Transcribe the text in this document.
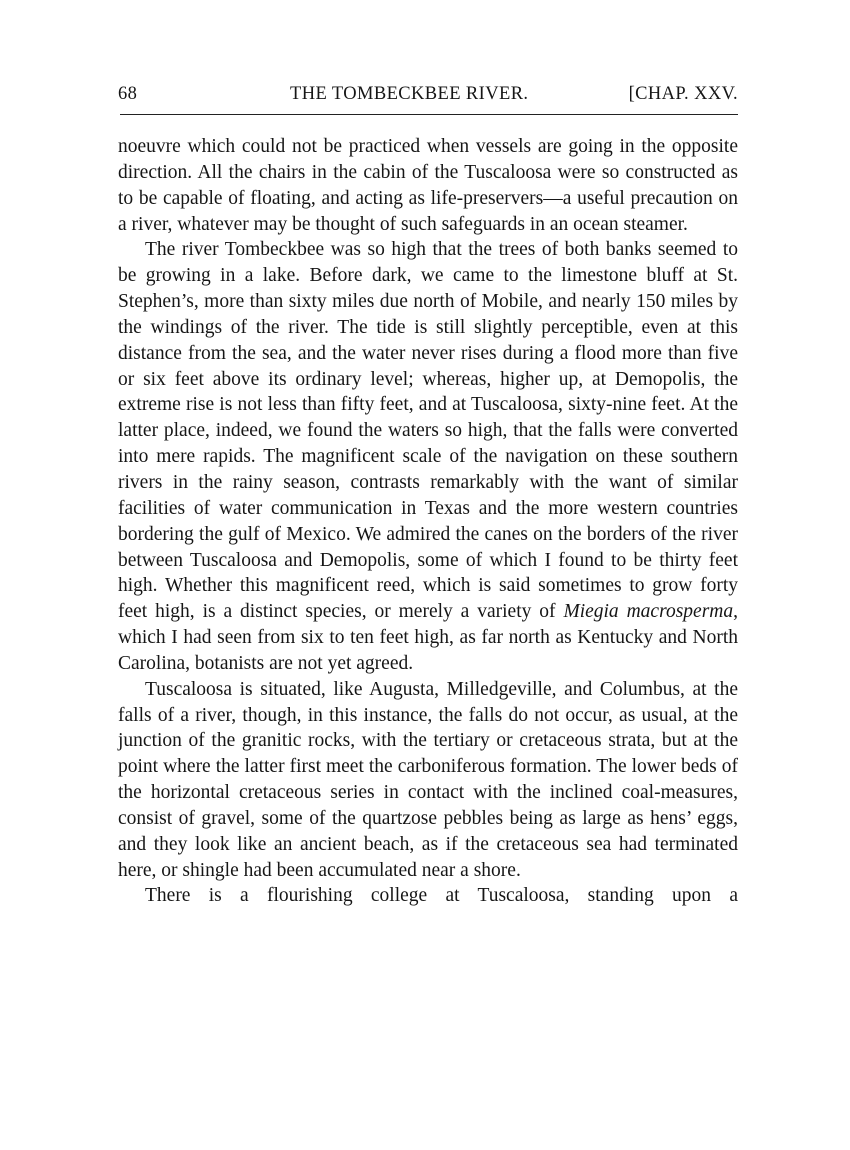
68	THE TOMBECKBEE RIVER.	[CHAP. XXV.

noeuvre which could not be practiced when vessels are going in the opposite direction. All the chairs in the cabin of the Tuscaloosa were so constructed as to be capable of floating, and acting as life-preservers—a useful precaution on a river, whatever may be thought of such safeguards in an ocean steamer.

The river Tombeckbee was so high that the trees of both banks seemed to be growing in a lake. Before dark, we came to the limestone bluff at St. Stephen’s, more than sixty miles due north of Mobile, and nearly 150 miles by the windings of the river. The tide is still slightly perceptible, even at this distance from the sea, and the water never rises during a flood more than five or six feet above its ordinary level; whereas, higher up, at Demopolis, the extreme rise is not less than fifty feet, and at Tuscaloosa, sixty-nine feet. At the latter place, indeed, we found the waters so high, that the falls were converted into mere rapids. The magnificent scale of the navigation on these southern rivers in the rainy season, contrasts remarkably with the want of similar facilities of water communication in Texas and the more western countries bordering the gulf of Mexico. We admired the canes on the borders of the river between Tuscaloosa and Demopolis, some of which I found to be thirty feet high. Whether this magnificent reed, which is said sometimes to grow forty feet high, is a distinct species, or merely a variety of Miegia macrosperma, which I had seen from six to ten feet high, as far north as Kentucky and North Carolina, botanists are not yet agreed.

Tuscaloosa is situated, like Augusta, Milledgeville, and Columbus, at the falls of a river, though, in this instance, the falls do not occur, as usual, at the junction of the granitic rocks, with the tertiary or cretaceous strata, but at the point where the latter first meet the carboniferous formation. The lower beds of the horizontal cretaceous series in contact with the inclined coal-measures, consist of gravel, some of the quartzose pebbles being as large as hens’ eggs, and they look like an ancient beach, as if the cretaceous sea had terminated here, or shingle had been accumulated near a shore.

There is a flourishing college at Tuscaloosa, standing upon a
